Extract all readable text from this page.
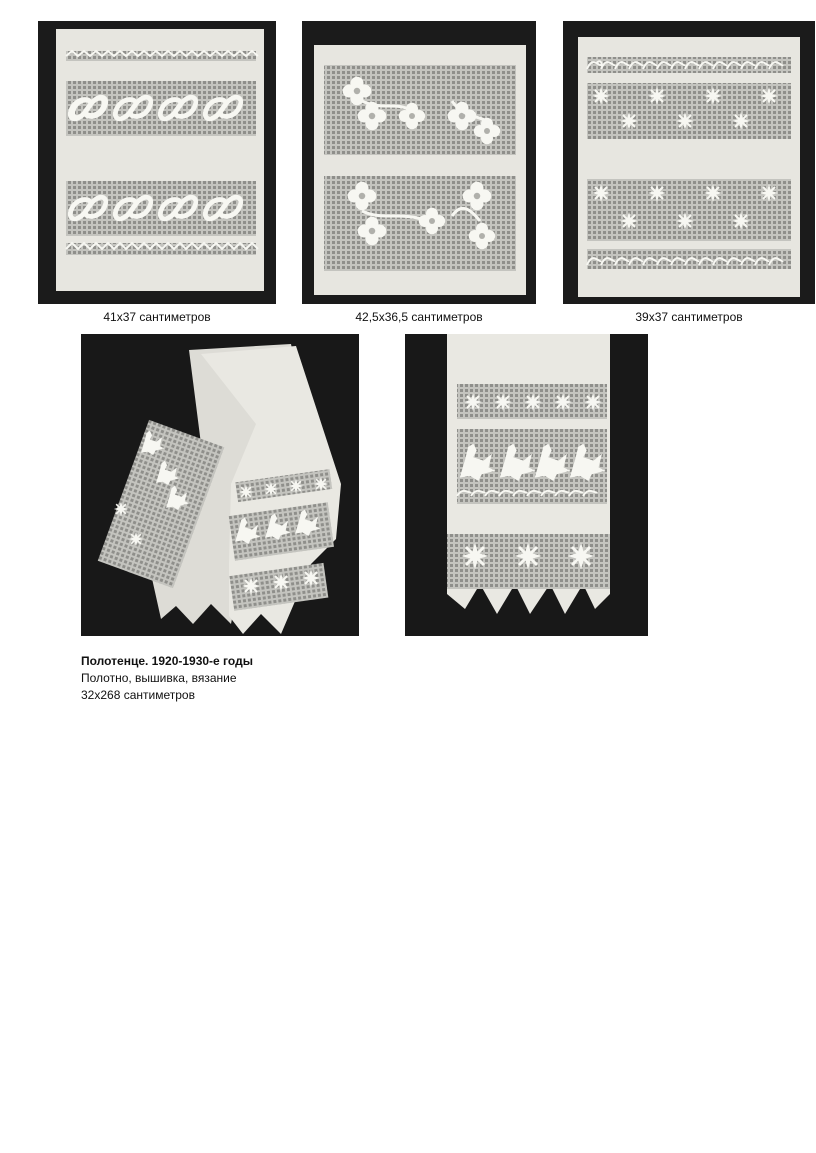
41x37 сантиметров	42,5x36,5 сантиметров	39x37 сантиметров
Полотенце. 1920-1930-е годы
Полотно, вышивка, вязание
32x268 сантиметров
